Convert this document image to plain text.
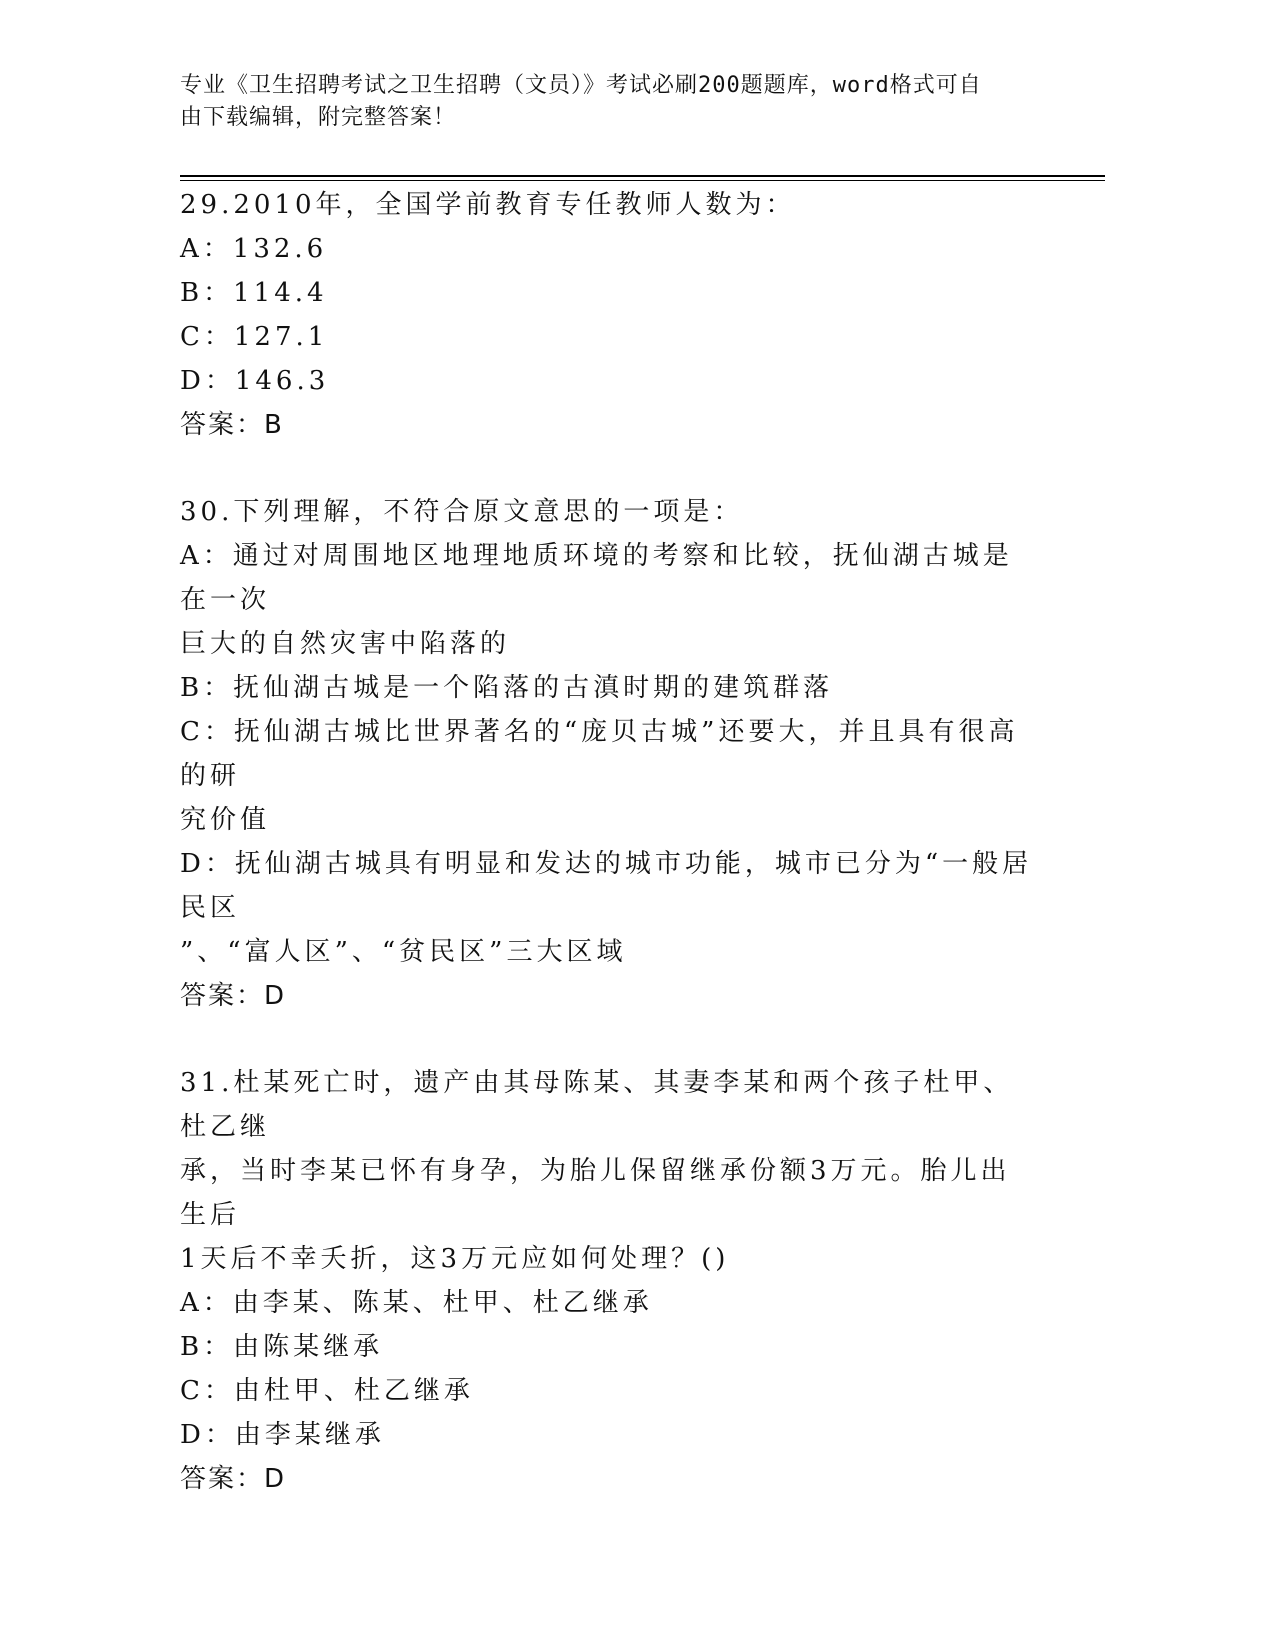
专业《卫生招聘考试之卫生招聘（文员）》考试必刷200题题库，word格式可自
由下载编辑，附完整答案！
29.2010年，全国学前教育专任教师人数为：
A：132.6
B：114.4
C：127.1
D：146.3
答案：B
30.下列理解，不符合原文意思的一项是：
A：通过对周围地区地理地质环境的考察和比较，抚仙湖古城是在一次
巨大的自然灾害中陷落的
B：抚仙湖古城是一个陷落的古滇时期的建筑群落
C：抚仙湖古城比世界著名的“庞贝古城”还要大，并且具有很高的研
究价值
D：抚仙湖古城具有明显和发达的城市功能，城市已分为“一般居民区
”、“富人区”、“贫民区”三大区域
答案：D
31.杜某死亡时，遗产由其母陈某、其妻李某和两个孩子杜甲、杜乙继
承，当时李某已怀有身孕，为胎儿保留继承份额3万元。胎儿出生后
1天后不幸夭折，这3万元应如何处理？()
A：由李某、陈某、杜甲、杜乙继承
B：由陈某继承
C：由杜甲、杜乙继承
D：由李某继承
答案：D
